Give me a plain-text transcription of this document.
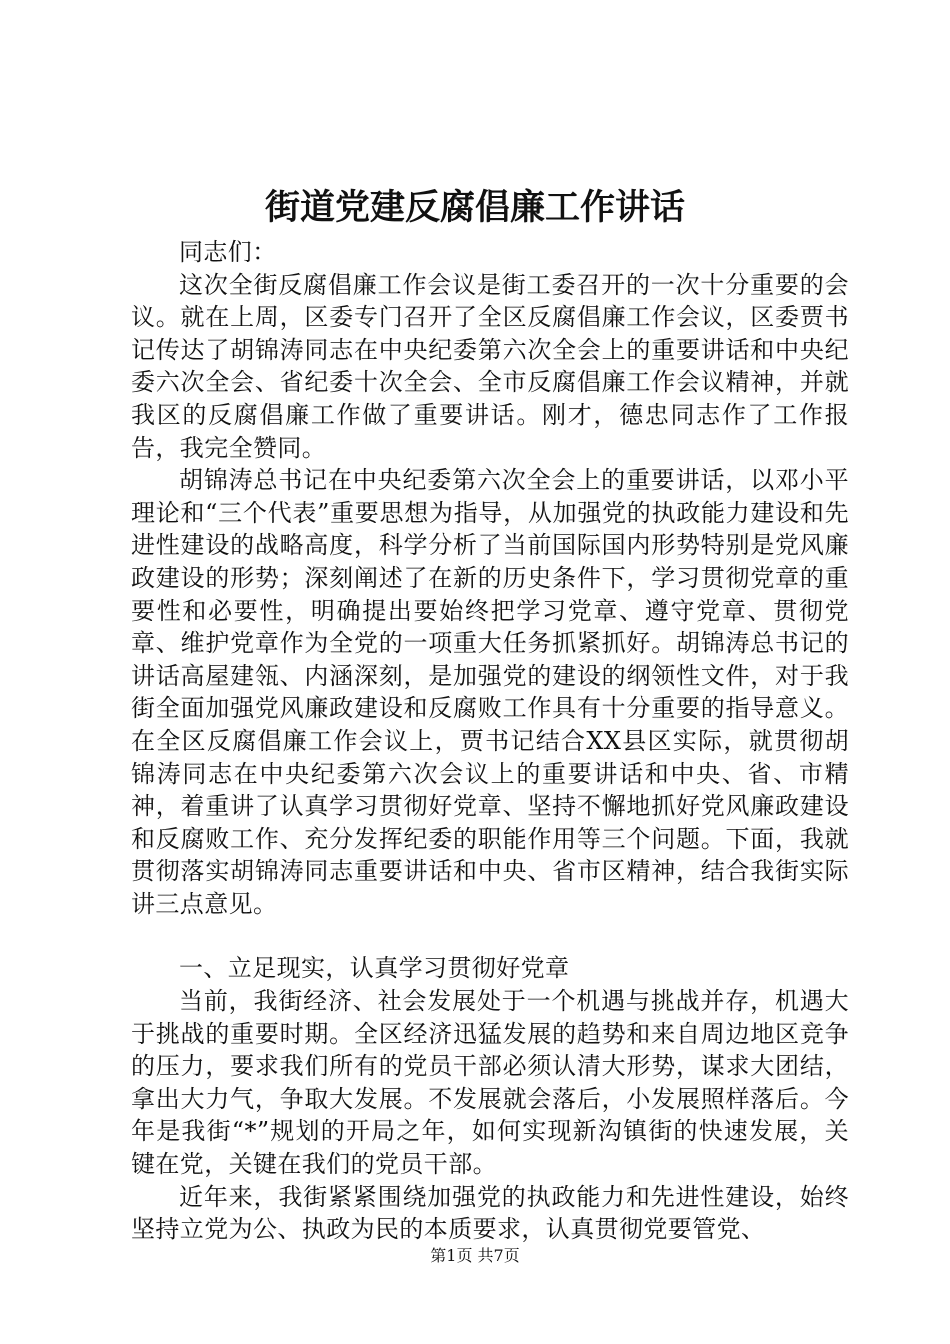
街道党建反腐倡廉工作讲话

同志们：

这次全街反腐倡廉工作会议是街工委召开的一次十分重要的会议。就在上周，区委专门召开了全区反腐倡廉工作会议，区委贾书记传达了胡锦涛同志在中央纪委第六次全会上的重要讲话和中央纪委六次全会、省纪委十次全会、全市反腐倡廉工作会议精神，并就我区的反腐倡廉工作做了重要讲话。刚才，德忠同志作了工作报告，我完全赞同。

胡锦涛总书记在中央纪委第六次全会上的重要讲话，以邓小平理论和“三个代表”重要思想为指导，从加强党的执政能力建设和先进性建设的战略高度，科学分析了当前国际国内形势特别是党风廉政建设的形势；深刻阐述了在新的历史条件下，学习贯彻党章的重要性和必要性，明确提出要始终把学习党章、遵守党章、贯彻党章、维护党章作为全党的一项重大任务抓紧抓好。胡锦涛总书记的讲话高屋建瓴、内涵深刻，是加强党的建设的纲领性文件，对于我街全面加强党风廉政建设和反腐败工作具有十分重要的指导意义。在全区反腐倡廉工作会议上，贾书记结合XX县区实际，就贯彻胡锦涛同志在中央纪委第六次会议上的重要讲话和中央、省、市精神，着重讲了认真学习贯彻好党章、坚持不懈地抓好党风廉政建设和反腐败工作、充分发挥纪委的职能作用等三个问题。下面，我就贯彻落实胡锦涛同志重要讲话和中央、省市区精神，结合我街实际讲三点意见。

一、立足现实，认真学习贯彻好党章

当前，我街经济、社会发展处于一个机遇与挑战并存，机遇大于挑战的重要时期。全区经济迅猛发展的趋势和来自周边地区竞争的压力，要求我们所有的党员干部必须认清大形势，谋求大团结，拿出大力气，争取大发展。不发展就会落后，小发展照样落后。今年是我街“*”规划的开局之年，如何实现新沟镇街的快速发展，关键在党，关键在我们的党员干部。

近年来，我街紧紧围绕加强党的执政能力和先进性建设，始终坚持立党为公、执政为民的本质要求，认真贯彻党要管党、

第1页 共7页
